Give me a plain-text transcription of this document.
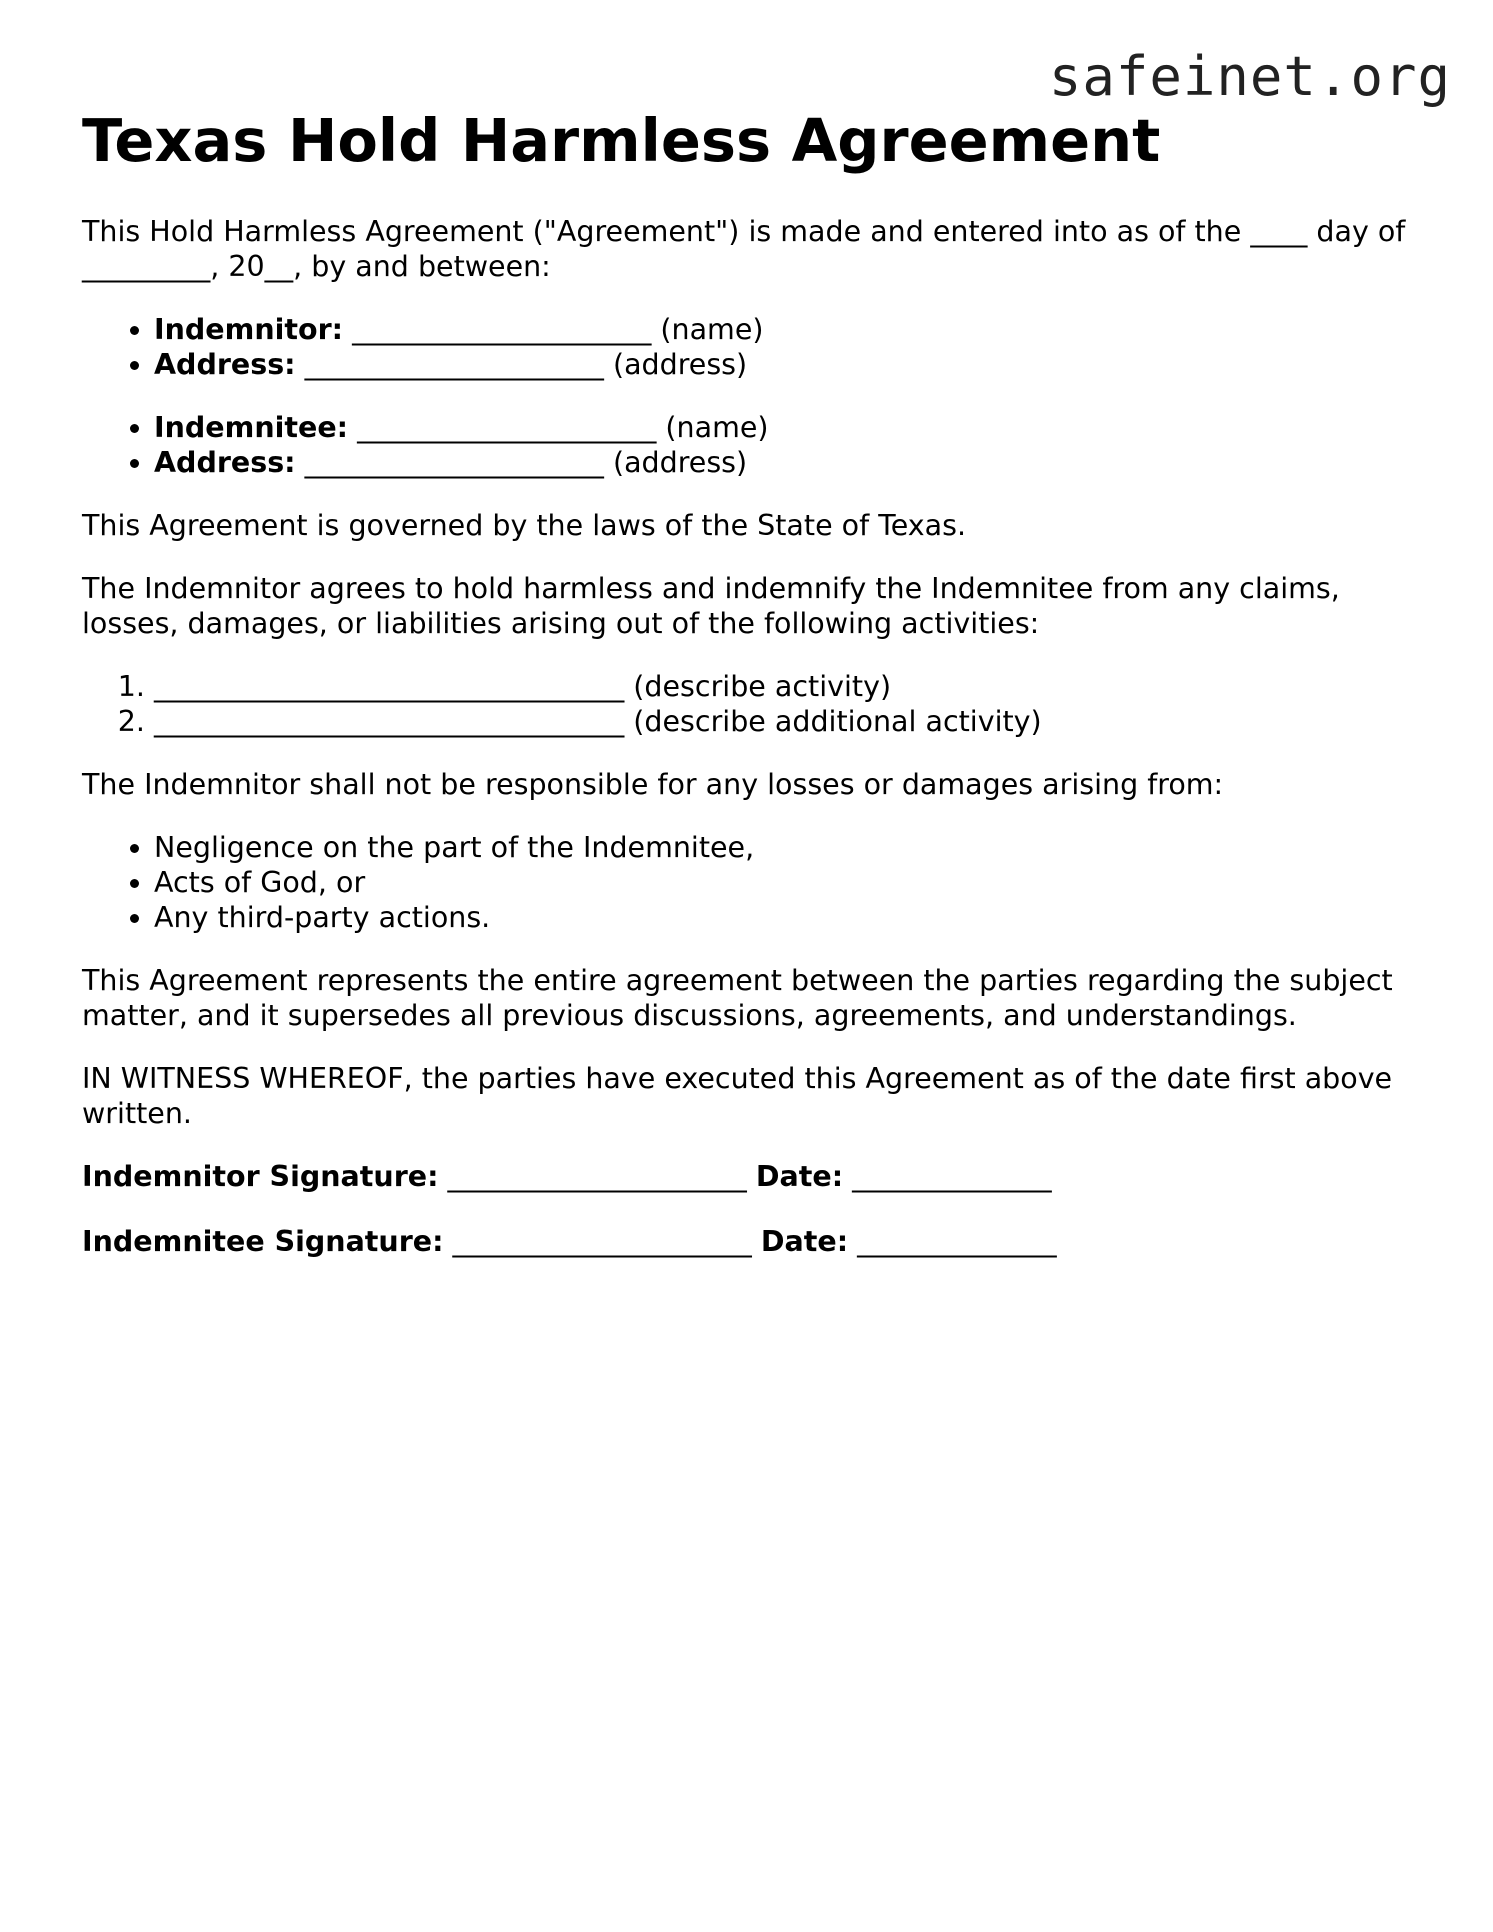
safeinet.org
Texas Hold Harmless Agreement

This Hold Harmless Agreement ("Agreement") is made and entered into as of the ____ day of _________, 20__, by and between:

• Indemnitor: _____________________ (name)
• Address: _____________________ (address)
• Indemnitee: _____________________ (name)
• Address: _____________________ (address)

This Agreement is governed by the laws of the State of Texas.

The Indemnitor agrees to hold harmless and indemnify the Indemnitee from any claims, losses, damages, or liabilities arising out of the following activities:

1. _________________________________ (describe activity)
2. _________________________________ (describe additional activity)

The Indemnitor shall not be responsible for any losses or damages arising from:

• Negligence on the part of the Indemnitee,
• Acts of God, or
• Any third-party actions.

This Agreement represents the entire agreement between the parties regarding the subject matter, and it supersedes all previous discussions, agreements, and understandings.

IN WITNESS WHEREOF, the parties have executed this Agreement as of the date first above written.

Indemnitor Signature: _____________________ Date: ______________

Indemnitee Signature: _____________________ Date: ______________
